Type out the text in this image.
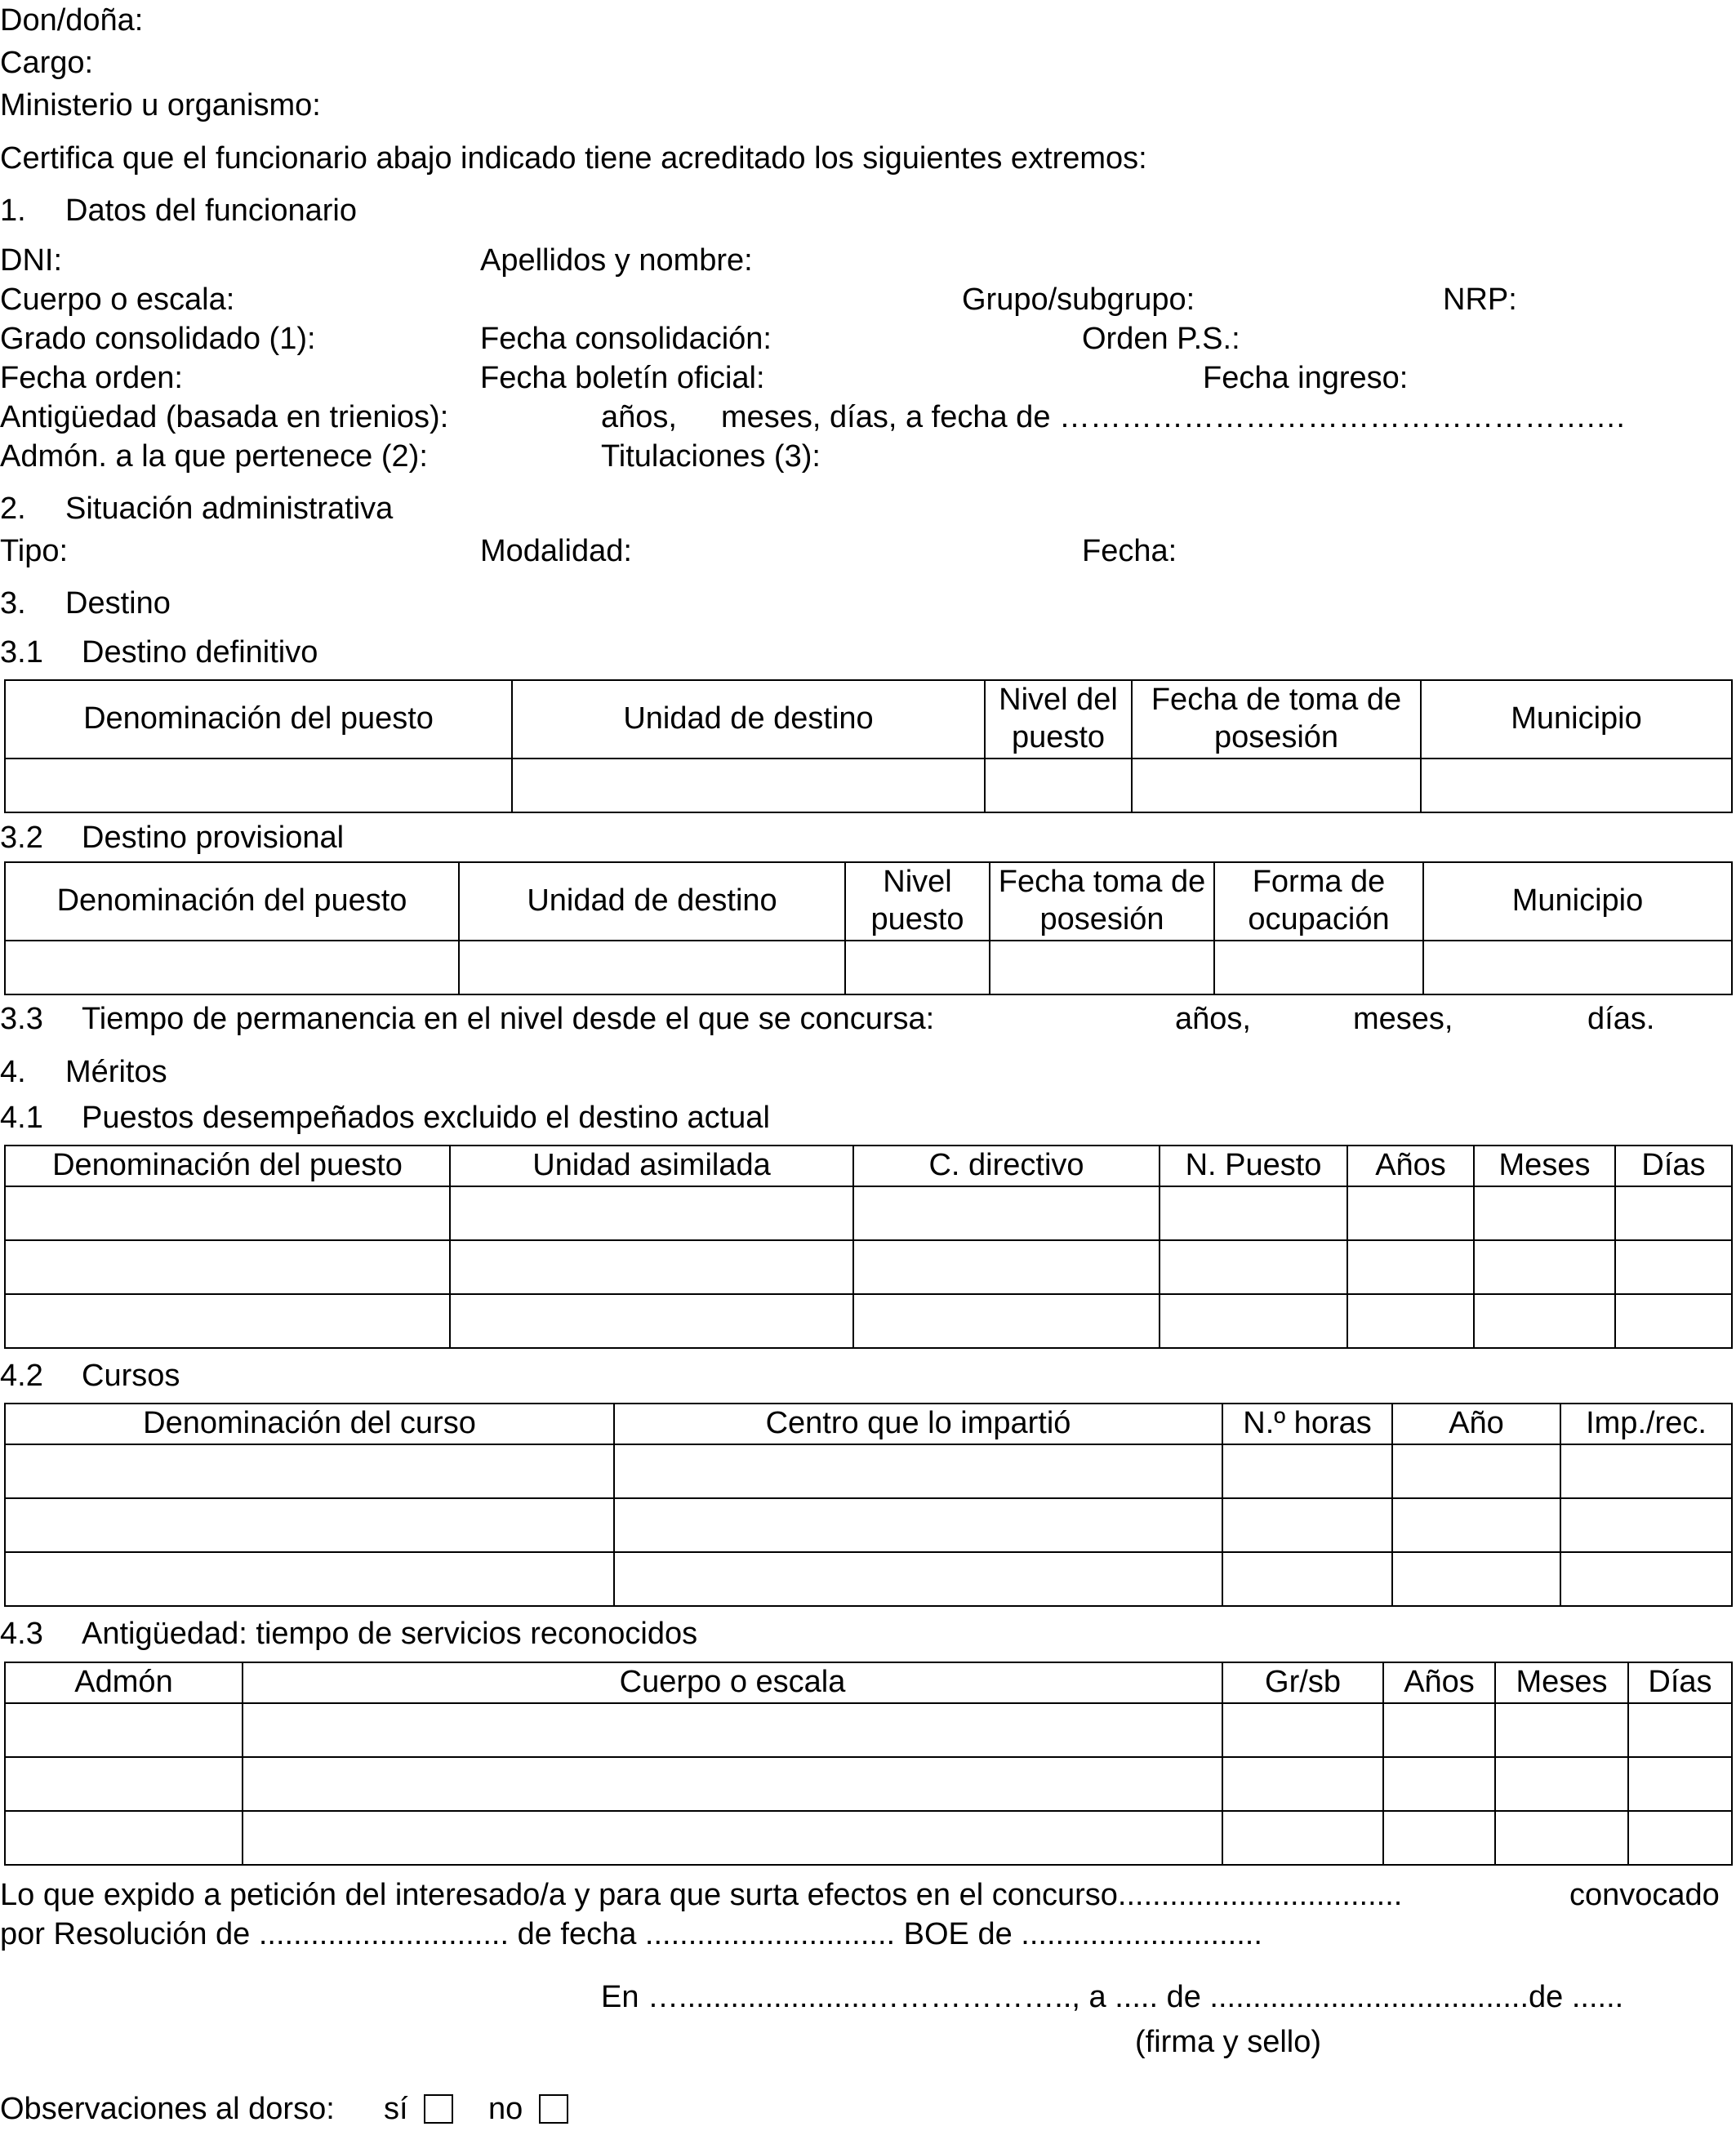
Don/doña:
Cargo:
Ministerio u organismo:
Certifica que el funcionario abajo indicado tiene acreditado los siguientes extremos:
1. Datos del funcionario
DNI:	Apellidos y nombre:
Cuerpo o escala:	Grupo/subgrupo:	NRP:
Grado consolidado (1):	Fecha consolidación:	Orden P.S.:
Fecha orden:	Fecha boletín oficial:	Fecha ingreso:
Antigüedad (basada en trienios):	años, meses, días, a fecha de …………………………………………….…
Admón. a la que pertenece (2):	Titulaciones (3):
2. Situación administrativa
Tipo:	Modalidad:	Fecha:
3. Destino
3.1 Destino definitivo
Denominación del puesto	Unidad de destino	Nivel del puesto	Fecha de toma de posesión	Municipio

3.2 Destino provisional
Denominación del puesto	Unidad de destino	Nivel puesto	Fecha toma de posesión	Forma de ocupación	Municipio

3.3 Tiempo de permanencia en el nivel desde el que se concursa:	años,	meses,	días.
4. Méritos
4.1 Puestos desempeñados excluido el destino actual
Denominación del puesto	Unidad asimilada	C. directivo	N. Puesto	Años	Meses	Días

4.2 Cursos
Denominación del curso	Centro que lo impartió	N.º horas	Año	Imp./rec.

4.3 Antigüedad: tiempo de servicios reconocidos
Admón	Cuerpo o escala	Gr/sb	Años	Meses	Días

Lo que expido a petición del interesado/a y para que surta efectos en el concurso.................................	convocado
por Resolución de ............................. de fecha ............................. BOE de ............................
En …......................……………….., a ..... de .....................................de ......
(firma y sello)
Observaciones al dorso: sí	no
